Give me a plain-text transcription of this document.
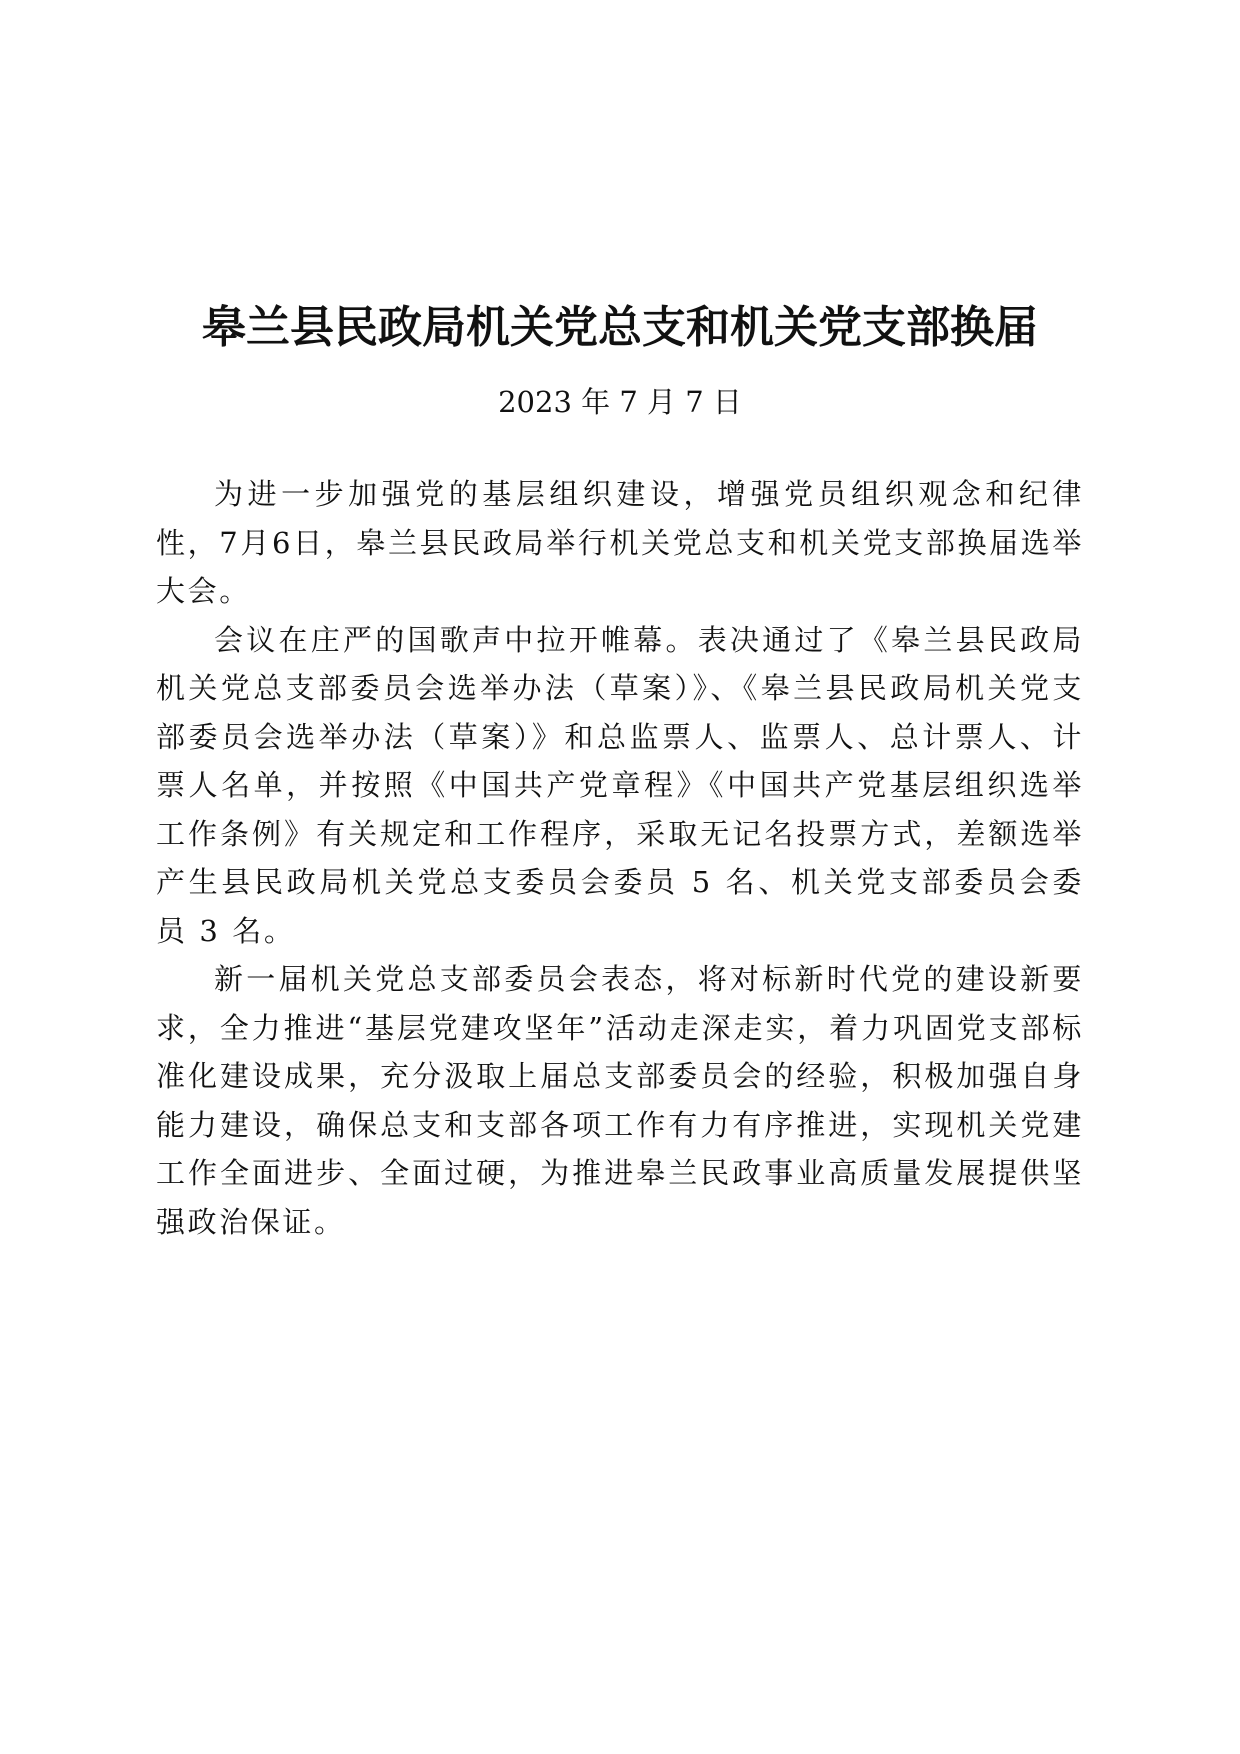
皋兰县民政局机关党总支和机关党支部换届
2023 年 7 月 7 日

为进一步加强党的基层组织建设，增强党员组织观念和纪律性，7月6日，皋兰县民政局举行机关党总支和机关党支部换届选举大会。

会议在庄严的国歌声中拉开帷幕。表决通过了《皋兰县民政局机关党总支部委员会选举办法（草案）》、《皋兰县民政局机关党支部委员会选举办法（草案）》和总监票人、监票人、总计票人、计票人名单，并按照《中国共产党章程》《中国共产党基层组织选举工作条例》有关规定和工作程序，采取无记名投票方式，差额选举产生县民政局机关党总支委员会委员 5 名、机关党支部委员会委员 3 名。

新一届机关党总支部委员会表态，将对标新时代党的建设新要求，全力推进“基层党建攻坚年”活动走深走实，着力巩固党支部标准化建设成果，充分汲取上届总支部委员会的经验，积极加强自身能力建设，确保总支和支部各项工作有力有序推进，实现机关党建工作全面进步、全面过硬，为推进皋兰民政事业高质量发展提供坚强政治保证。
